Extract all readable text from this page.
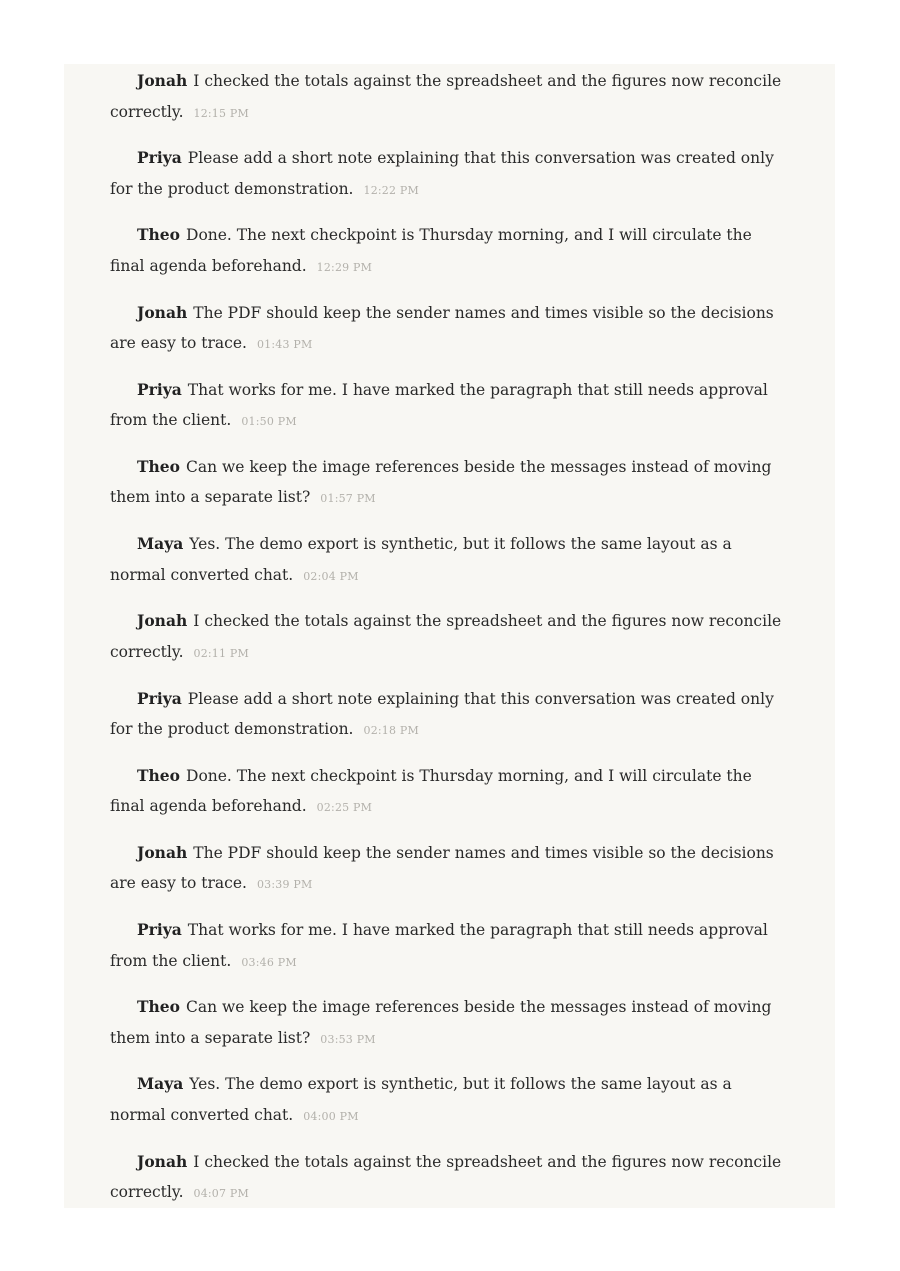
Jonah I checked the totals against the spreadsheet and the figures now reconcile correctly. 12:15 PM

Priya Please add a short note explaining that this conversation was created only for the product demonstration. 12:22 PM

Theo Done. The next checkpoint is Thursday morning, and I will circulate the final agenda beforehand. 12:29 PM

Jonah The PDF should keep the sender names and times visible so the decisions are easy to trace. 01:43 PM

Priya That works for me. I have marked the paragraph that still needs approval from the client. 01:50 PM

Theo Can we keep the image references beside the messages instead of moving them into a separate list? 01:57 PM

Maya Yes. The demo export is synthetic, but it follows the same layout as a normal converted chat. 02:04 PM

Jonah I checked the totals against the spreadsheet and the figures now reconcile correctly. 02:11 PM

Priya Please add a short note explaining that this conversation was created only for the product demonstration. 02:18 PM

Theo Done. The next checkpoint is Thursday morning, and I will circulate the final agenda beforehand. 02:25 PM

Jonah The PDF should keep the sender names and times visible so the decisions are easy to trace. 03:39 PM

Priya That works for me. I have marked the paragraph that still needs approval from the client. 03:46 PM

Theo Can we keep the image references beside the messages instead of moving them into a separate list? 03:53 PM

Maya Yes. The demo export is synthetic, but it follows the same layout as a normal converted chat. 04:00 PM

Jonah I checked the totals against the spreadsheet and the figures now reconcile correctly. 04:07 PM
